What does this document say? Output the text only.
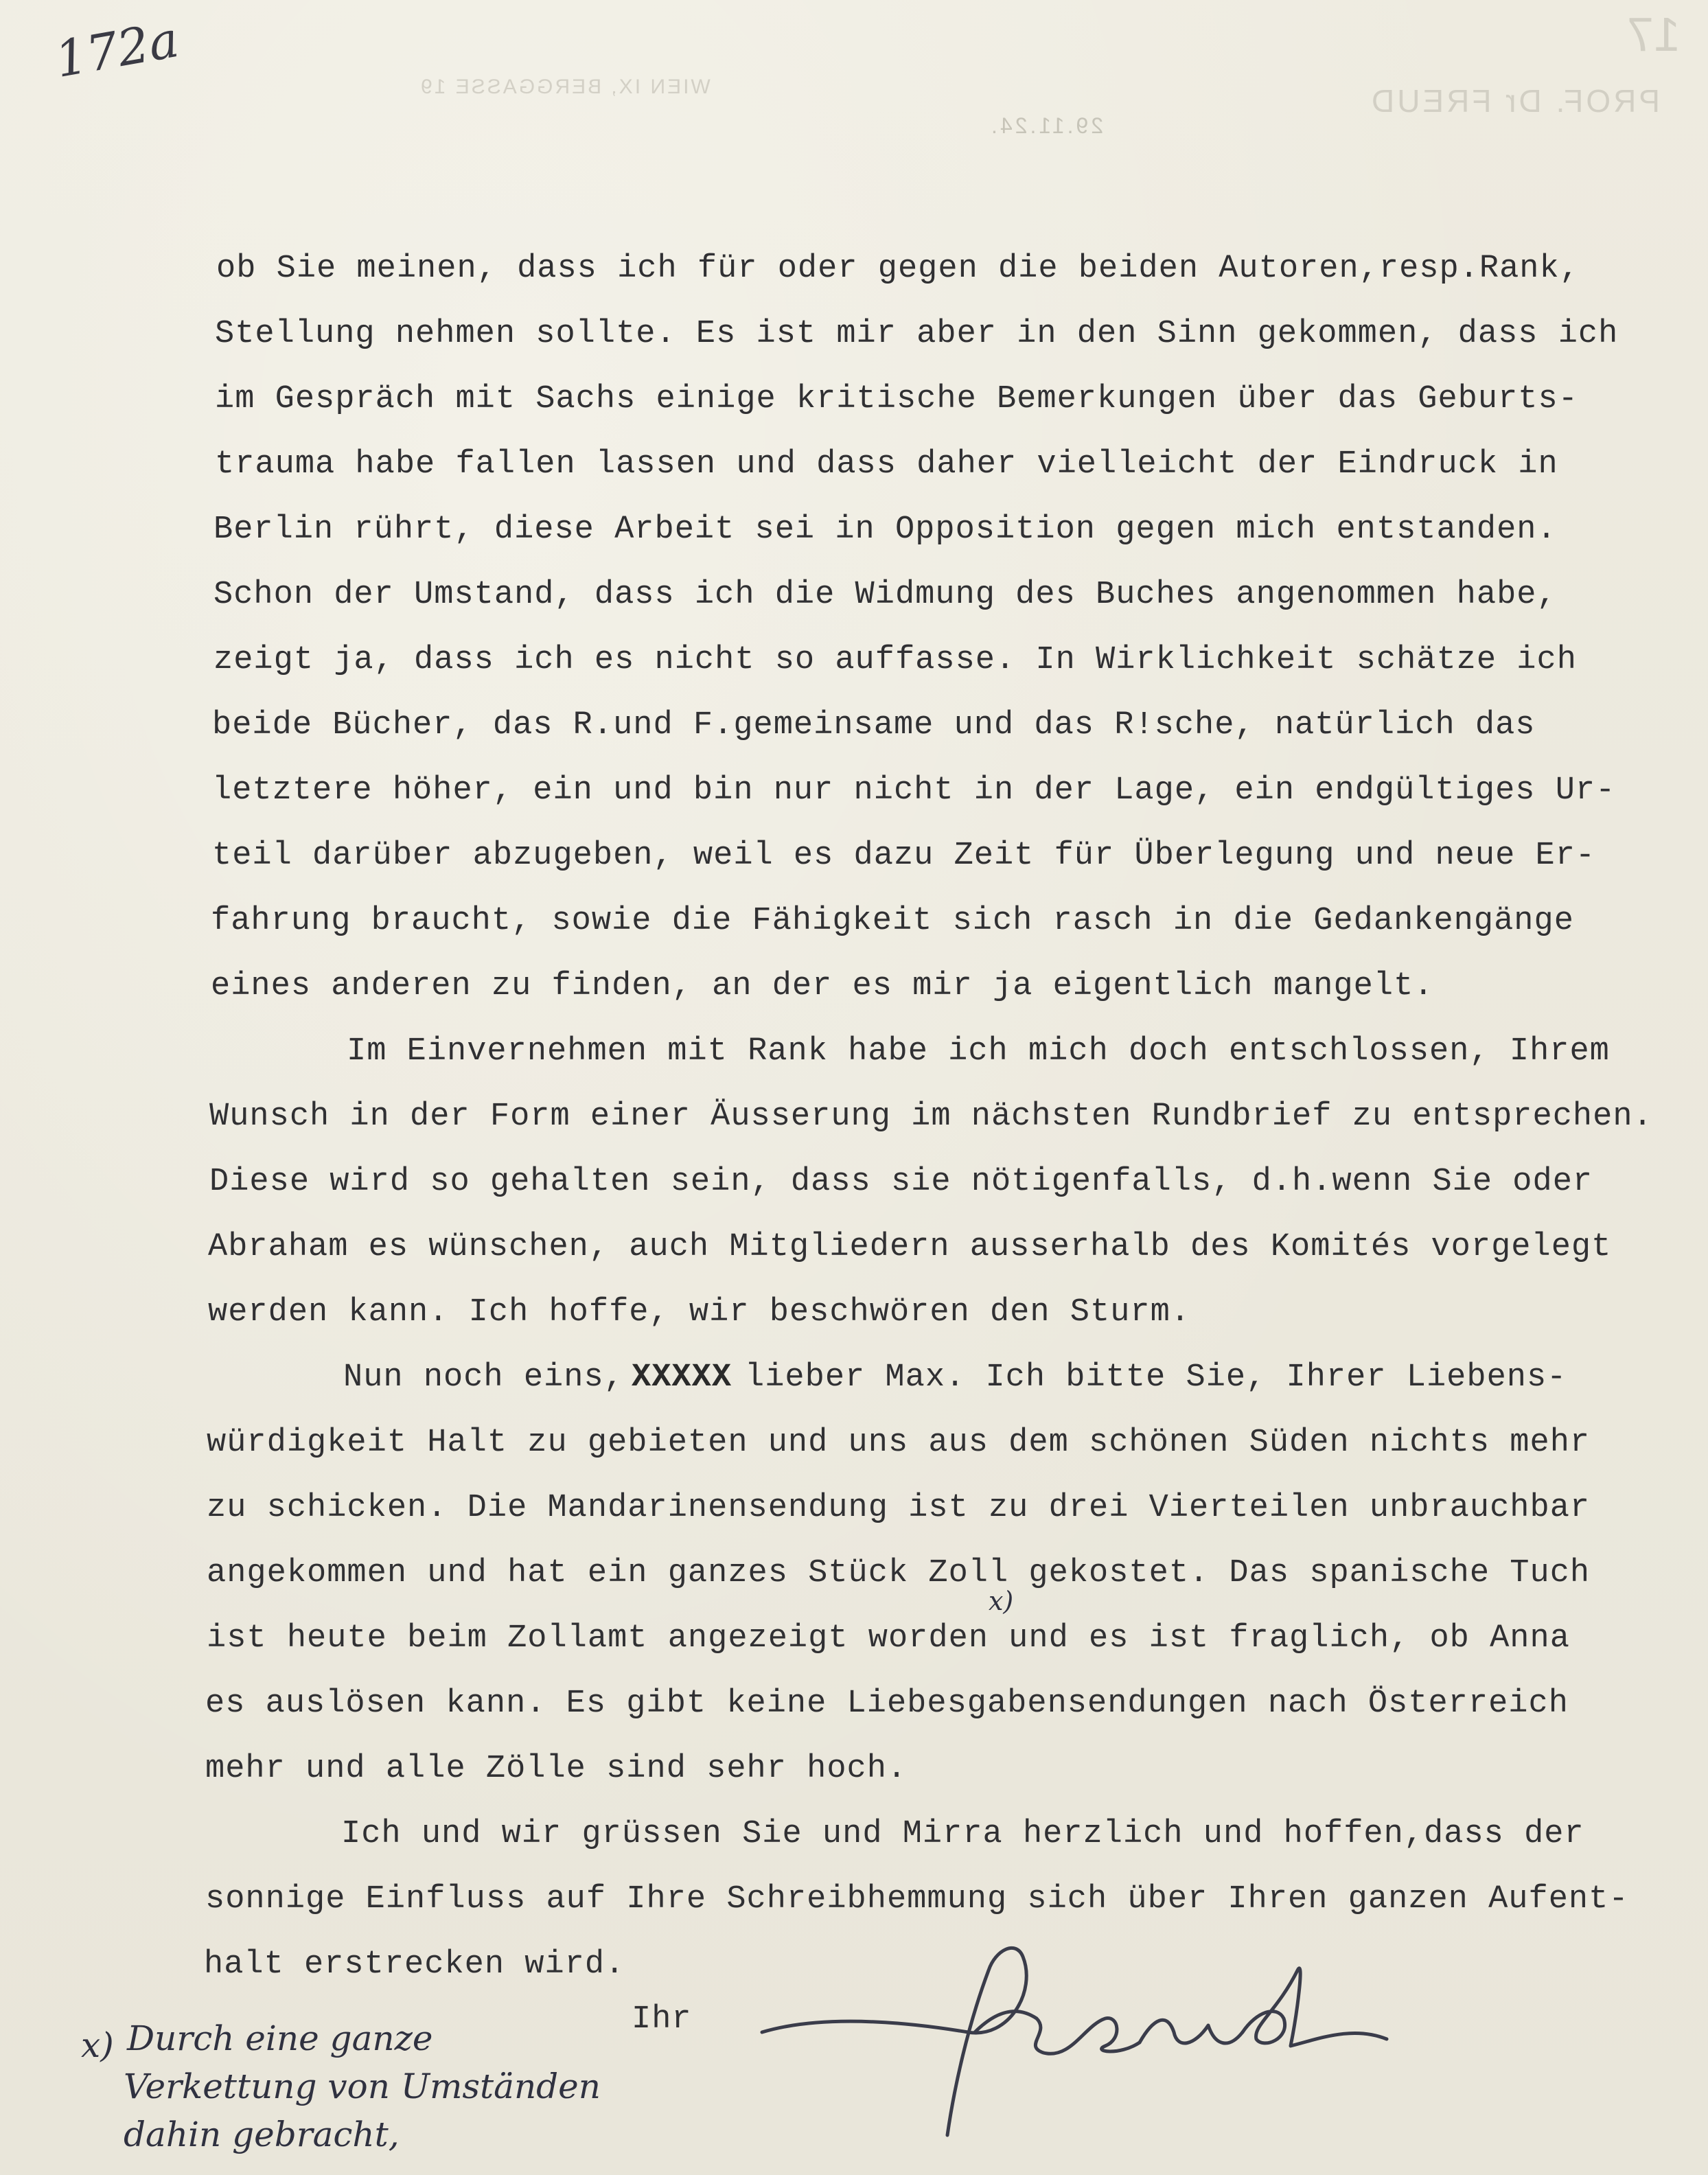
172a	17
PROF. Dr FREUD
WIEN IX, BERGGASSE 19
29.11.24.
ob Sie meinen, dass ich für oder gegen die beiden Autoren,resp.Rank,
Stellung nehmen sollte. Es ist mir aber in den Sinn gekommen, dass ich
im Gespräch mit Sachs einige kritische Bemerkungen über das Geburts-
trauma habe fallen lassen und dass daher vielleicht der Eindruck in
Berlin rührt, diese Arbeit sei in Opposition gegen mich entstanden.
Schon der Umstand, dass ich die Widmung des Buches angenommen habe,
zeigt ja, dass ich es nicht so auffasse. In Wirklichkeit schätze ich
beide Bücher, das R.und F.gemeinsame und das R!sche, natürlich das
letztere höher, ein und bin nur nicht in der Lage, ein endgültiges Ur-
teil darüber abzugeben, weil es dazu Zeit für Überlegung und neue Er-
fahrung braucht, sowie die Fähigkeit sich rasch in die Gedankengänge
eines anderen zu finden, an der es mir ja eigentlich mangelt.
Im Einvernehmen mit Rank habe ich mich doch entschlossen, Ihrem
Wunsch in der Form einer Äusserung im nächsten Rundbrief zu entsprechen.
Diese wird so gehalten sein, dass sie nötigenfalls, d.h.wenn Sie oder
Abraham es wünschen, auch Mitgliedern ausserhalb des Komités vorgelegt
werden kann. Ich hoffe, wir beschwören den Sturm.
Nun noch eins, XXXXX lieber Max. Ich bitte Sie, Ihrer Liebens-
würdigkeit Halt zu gebieten und uns aus dem schönen Süden nichts mehr
zu schicken. Die Mandarinensendung ist zu drei Vierteilen unbrauchbar
angekommen und hat ein ganzes Stück Zoll gekostet. Das spanische Tuch
x)
ist heute beim Zollamt angezeigt worden und es ist fraglich, ob Anna
es auslösen kann. Es gibt keine Liebesgabensendungen nach Österreich
mehr und alle Zölle sind sehr hoch.
Ich und wir grüssen Sie und Mirra herzlich und hoffen,dass der
sonnige Einfluss auf Ihre Schreibhemmung sich über Ihren ganzen Aufent-
halt erstrecken wird.
Ihr
x) Durch eine ganze
Verkettung von Umständen
dahin gebracht,
